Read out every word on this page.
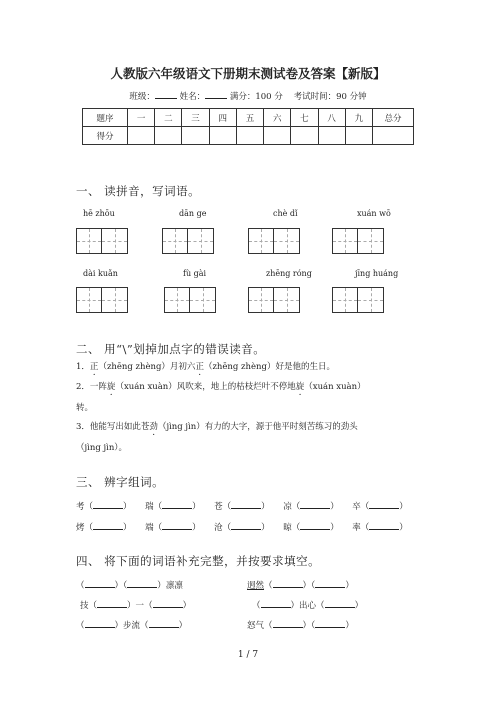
人教版六年级语文下册期末测试卷及答案【新版】
班级：	姓名：	满分：100 分 考试时间：90 分钟
题序	一	二	三	四	五	六	七	八	九	总分
得分										
一、 读拼音，写词语。
hē zhōu	dān ge	chè dǐ	xuán wō
dài kuǎn	fù gài	zhēng róng	jīng huáng
二、 用“\”划掉加点字的错误读音。
1．正（zhēng zhèng）月初六正（zhēng zhèng）好是他的生日。
2．一阵旋（xuán xuàn）风吹来，地上的枯枝烂叶不停地旋（xuán xuàn）
转。
3．他能写出如此苍劲（jìng jìn）有力的大字，源于他平时刻苦练习的劲头
（jìng jìn）。
三、 辨字组词。
考（	） 瑞（	） 苍（	） 凉（	） 卒（	）
烤（	） 端（	） 沧（	） 晾（	） 率（	）
四、 将下面的词语补充完整，并按要求填空。
（	）（	）凛凛	迥然（	）（	）
技（	）一（	）	（	）出心（	）
（	）步流（	）	怒气（	）（	）
1 / 7
